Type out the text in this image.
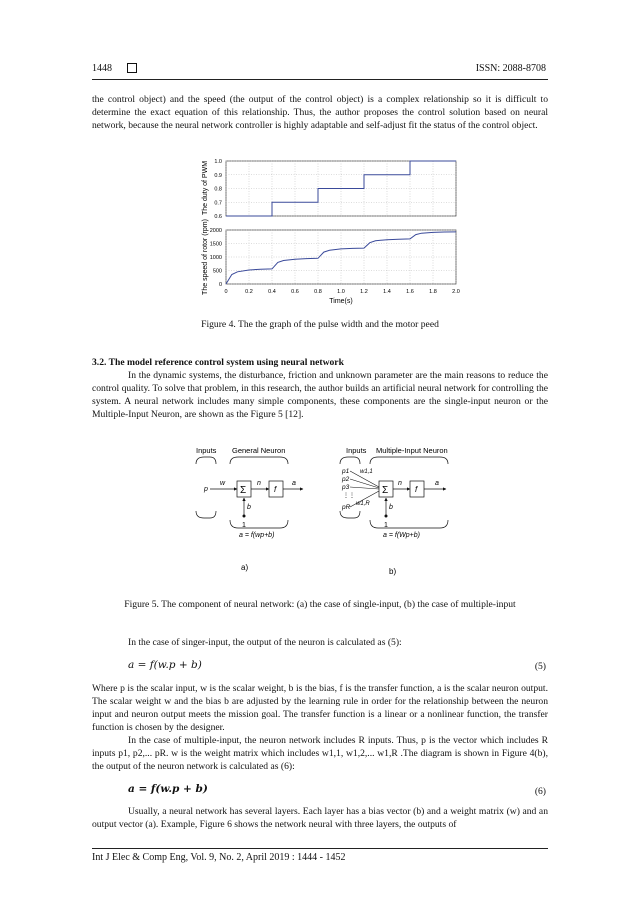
1448	ISSN: 2088-8708

the control object) and the speed (the output of the control object) is a complex relationship so it is difficult to determine the exact equation of this relationship. Thus, the author proposes the control solution based on neural network, because the neural network controller is highly adaptable and self-adjust fit the status of the control object.

The duty of PWM
The speed of rotor (rpm)
1.0
0.9
0.8
0.7
0.6
2000
1500
1000
500
0
0	0.2	0.4	0.6	0.8	1.0	1.2	1.4	1.6	1.8	2.0
Time(s)
Figure 4. The the graph of the pulse width and the motor peed
3.2. The model reference control system using neural network

In the dynamic systems, the disturbance, friction and unknown parameter are the main reasons to reduce the control quality. To solve that problem, in this research, the author builds an artificial neural network for controlling the system. A neural network includes many simple components, these components are the single-input neuron or the Multiple-Input Neuron, are shown as the Figure 5 [12].

Inputs General Neuron
p
w
Σ
n
f
a
b
1
a = f(wp+b)
a)
Inputs Multiple-Input Neuron
p1
p2
p3
⋮ ⋮
pR
w1,1
w1,R
Σ
n
f
a
b
1
a = f(Wp+b)
b)
Figure 5. The component of neural network: (a) the case of single-input, (b) the case of multiple-input

In the case of singer-input, the output of the neuron is calculated as (5):

a = f(w.p + b)	(5)

Where p is the scalar input, w is the scalar weight, b is the bias, f is the transfer function, a is the scalar neuron output. The scalar weight w and the bias b are adjusted by the learning rule in order for the relationship between the neuron input and neuron output meets the mission goal. The transfer function is a linear or a nonlinear function, the transfer function is chosen by the designer.

In the case of multiple-input, the neuron network includes R inputs. Thus, p is the vector which includes R inputs p1, p2,... pR. w is the weight matrix which includes w1,1, w1,2,... w1,R .The diagram is shown in Figure 4(b), the output of the neuron network is calculated as (6):

a = f(w.p + b)	(6)

Usually, a neural network has several layers. Each layer has a bias vector (b) and a weight matrix (w) and an output vector (a). Example, Figure 6 shows the network neural with three layers, the outputs of

Int J Elec & Comp Eng, Vol. 9, No. 2, April 2019 : 1444 - 1452
